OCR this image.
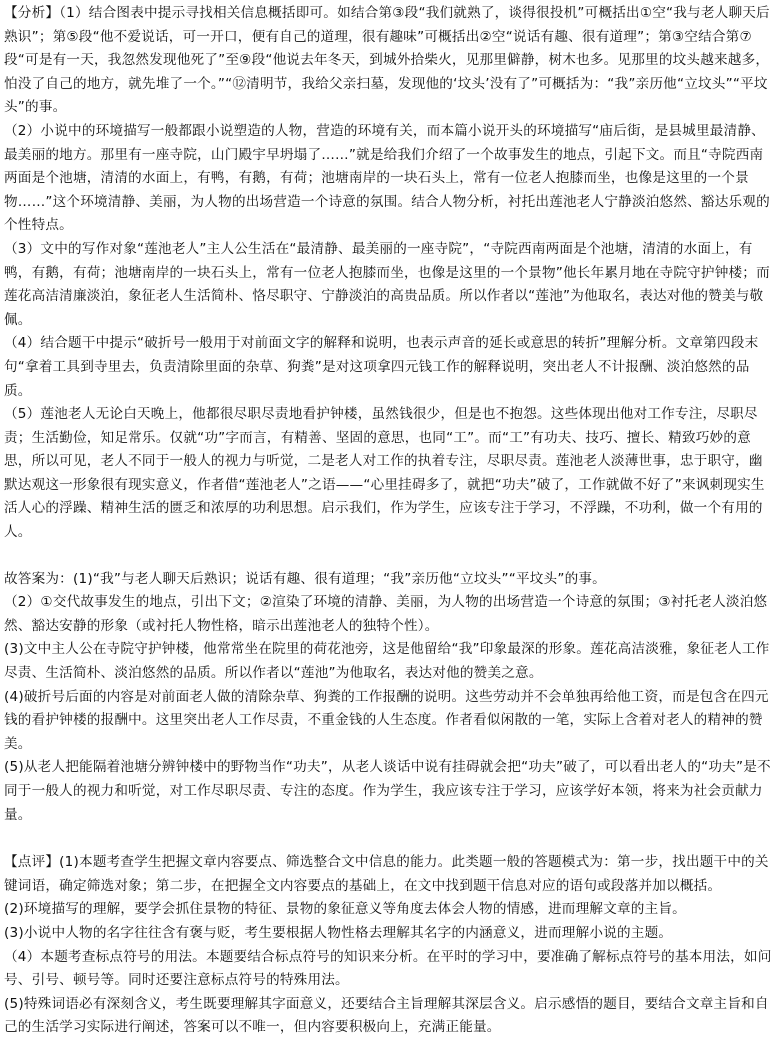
【分析】（1）结合图表中提示寻找相关信息概括即可。如结合第③段“我们就熟了，谈得很投机”可概括出①空“我与老人聊天后熟识”；第⑤段“他不爱说话，可一开口，便有自己的道理，很有趣味”可概括出②空“说话有趣、很有道理”；第③空结合第⑦段“可是有一天，我忽然发现他死了”至⑨段“他说去年冬天，到城外拾柴火，见那里僻静，树木也多。见那里的坟头越来越多，怕没了自己的地方，就先堆了一个。”“⑫清明节，我给父亲扫墓，发现他的‘坟头’没有了”可概括为：“我”亲历他“立坟头”“平坟头”的事。

（2）小说中的环境描写一般都跟小说塑造的人物，营造的环境有关，而本篇小说开头的环境描写“庙后街，是县城里最清静、最美丽的地方。那里有一座寺院，山门殿宇早坍塌了……”就是给我们介绍了一个故事发生的地点，引起下文。而且“寺院西南两面是个池塘，清清的水面上，有鸭，有鹅，有荷；池塘南岸的一块石头上，常有一位老人抱膝而坐，也像是这里的一个景物……”这个环境清静、美丽，为人物的出场营造一个诗意的氛围。结合人物分析，衬托出莲池老人宁静淡泊悠然、豁达乐观的个性特点。

（3）文中的写作对象“莲池老人”主人公生活在“最清静、最美丽的一座寺院”，“寺院西南两面是个池塘，清清的水面上，有鸭，有鹅，有荷；池塘南岸的一块石头上，常有一位老人抱膝而坐，也像是这里的一个景物”他长年累月地在寺院守护钟楼；而莲花高洁清廉淡泊，象征老人生活简朴、恪尽职守、宁静淡泊的高贵品质。所以作者以“莲池”为他取名，表达对他的赞美与敬佩。

（4）结合题干中提示“破折号一般用于对前面文字的解释和说明，也表示声音的延长或意思的转折”理解分析。文章第四段末句“拿着工具到寺里去，负责清除里面的杂草、狗粪”是对这项拿四元钱工作的解释说明，突出老人不计报酬、淡泊悠然的品质。

（5）莲池老人无论白天晚上，他都很尽职尽责地看护钟楼，虽然钱很少，但是也不抱怨。这些体现出他对工作专注，尽职尽责；生活勤俭，知足常乐。仅就“功”字而言，有精善、坚固的意思，也同“工”。而“工”有功夫、技巧、擅长、精致巧妙的意思，所以可见，老人不同于一般人的视力与听觉，二是老人对工作的执着专注，尽职尽责。莲池老人淡薄世事，忠于职守，幽默达观这一形象很有现实意义，作者借“莲池老人”之语——“心里挂碍多了，就把“功夫”破了，工作就做不好了”来讽刺现实生活人心的浮躁、精神生活的匮乏和浓厚的功利思想。启示我们，作为学生，应该专注于学习，不浮躁，不功利，做一个有用的人。

故答案为：(1)“我”与老人聊天后熟识；说话有趣、很有道理；“我”亲历他“立坟头”“平坟头”的事。

（2）①交代故事发生的地点，引出下文；②渲染了环境的清静、美丽，为人物的出场营造一个诗意的氛围；③衬托老人淡泊悠然、豁达安静的形象（或衬托人物性格，暗示出莲池老人的独特个性）。

(3)文中主人公在寺院守护钟楼，他常常坐在院里的荷花池旁，这是他留给“我”印象最深的形象。莲花高洁淡雅，象征老人工作尽责、生活简朴、淡泊悠然的品质。所以作者以“莲池”为他取名，表达对他的赞美之意。

(4)破折号后面的内容是对前面老人做的清除杂草、狗粪的工作报酬的说明。这些劳动并不会单独再给他工资，而是包含在四元钱的看护钟楼的报酬中。这里突出老人工作尽责，不重金钱的人生态度。作者看似闲散的一笔，实际上含着对老人的精神的赞美。

(5)从老人把能隔着池塘分辨钟楼中的野物当作“功夫”，从老人谈话中说有挂碍就会把“功夫”破了，可以看出老人的“功夫”是不同于一般人的视力和听觉，对工作尽职尽责、专注的态度。作为学生，我应该专注于学习，应该学好本领，将来为社会贡献力量。

【点评】(1)本题考查学生把握文章内容要点、筛选整合文中信息的能力。此类题一般的答题模式为：第一步，找出题干中的关键词语，确定筛选对象；第二步，在把握全文内容要点的基础上，在文中找到题干信息对应的语句或段落并加以概括。

(2)环境描写的理解，要学会抓住景物的特征、景物的象征意义等角度去体会人物的情感，进而理解文章的主旨。

(3)小说中人物的名字往往含有褒与贬，考生要根据人物性格去理解其名字的内涵意义，进而理解小说的主题。

（4）本题考查标点符号的用法。本题要结合标点符号的知识来分析。在平时的学习中，要准确了解标点符号的基本用法，如问号、引号、顿号等。同时还要注意标点符号的特殊用法。

(5)特殊词语必有深刻含义，考生既要理解其字面意义，还要结合主旨理解其深层含义。启示感悟的题目，要结合文章主旨和自己的生活学习实际进行阐述，答案可以不唯一，但内容要积极向上，充满正能量。
